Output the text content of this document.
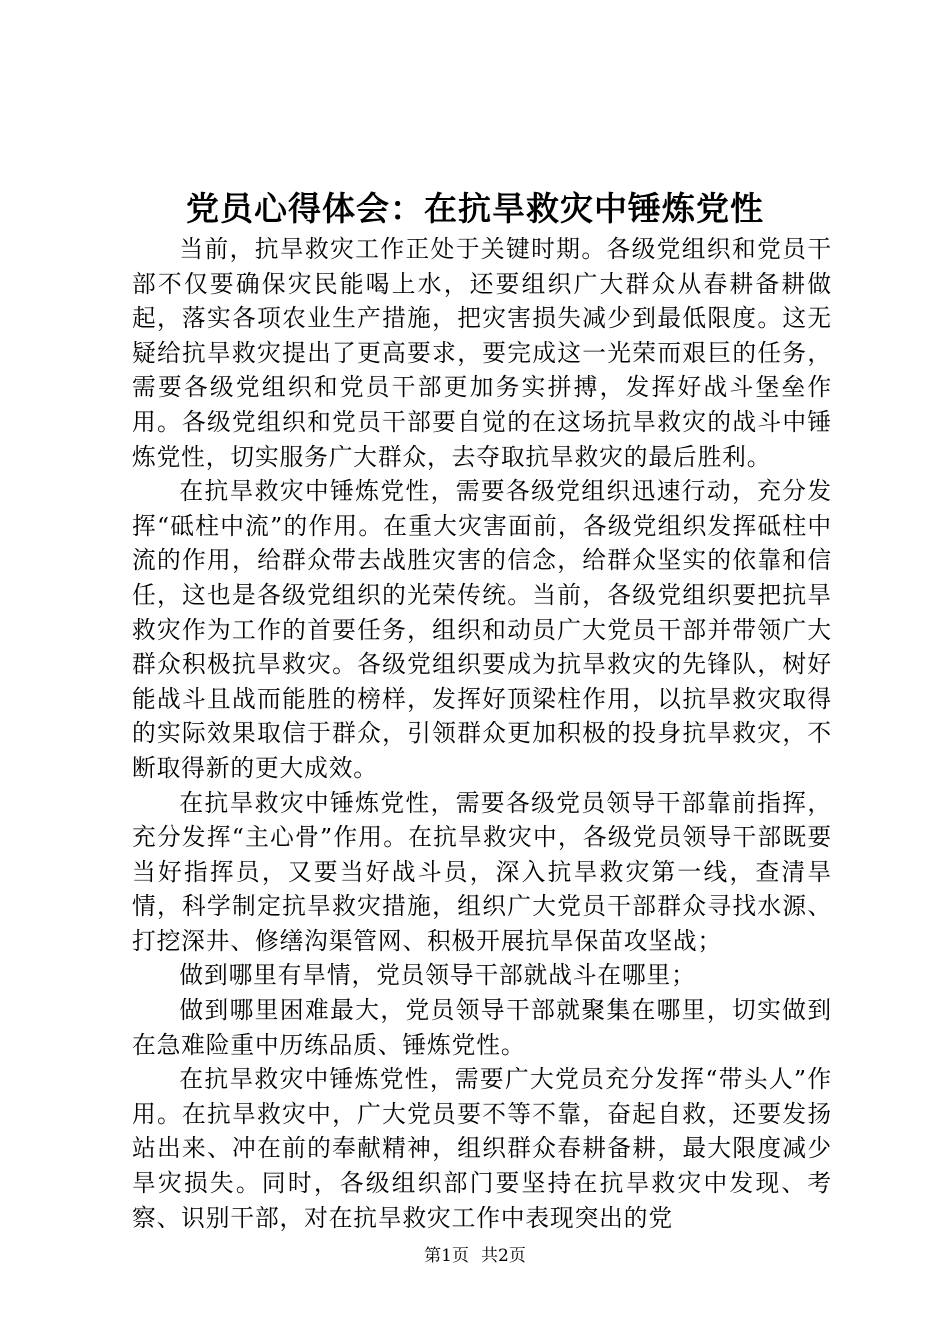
党员心得体会：在抗旱救灾中锤炼党性

当前，抗旱救灾工作正处于关键时期。各级党组织和党员干部不仅要确保灾民能喝上水，还要组织广大群众从春耕备耕做起，落实各项农业生产措施，把灾害损失减少到最低限度。这无疑给抗旱救灾提出了更高要求，要完成这一光荣而艰巨的任务，需要各级党组织和党员干部更加务实拼搏，发挥好战斗堡垒作用。各级党组织和党员干部要自觉的在这场抗旱救灾的战斗中锤炼党性，切实服务广大群众，去夺取抗旱救灾的最后胜利。

在抗旱救灾中锤炼党性，需要各级党组织迅速行动，充分发挥“砥柱中流”的作用。在重大灾害面前，各级党组织发挥砥柱中流的作用，给群众带去战胜灾害的信念，给群众坚实的依靠和信任，这也是各级党组织的光荣传统。当前，各级党组织要把抗旱救灾作为工作的首要任务，组织和动员广大党员干部并带领广大群众积极抗旱救灾。各级党组织要成为抗旱救灾的先锋队，树好能战斗且战而能胜的榜样，发挥好顶梁柱作用，以抗旱救灾取得的实际效果取信于群众，引领群众更加积极的投身抗旱救灾，不断取得新的更大成效。

在抗旱救灾中锤炼党性，需要各级党员领导干部靠前指挥，充分发挥“主心骨”作用。在抗旱救灾中，各级党员领导干部既要当好指挥员，又要当好战斗员，深入抗旱救灾第一线，查清旱情，科学制定抗旱救灾措施，组织广大党员干部群众寻找水源、打挖深井、修缮沟渠管网、积极开展抗旱保苗攻坚战；

做到哪里有旱情，党员领导干部就战斗在哪里；

做到哪里困难最大，党员领导干部就聚集在哪里，切实做到在急难险重中历练品质、锤炼党性。

在抗旱救灾中锤炼党性，需要广大党员充分发挥“带头人”作用。在抗旱救灾中，广大党员要不等不靠，奋起自救，还要发扬站出来、冲在前的奉献精神，组织群众春耕备耕，最大限度减少旱灾损失。同时，各级组织部门要坚持在抗旱救灾中发现、考察、识别干部，对在抗旱救灾工作中表现突出的党

第1页 共2页
